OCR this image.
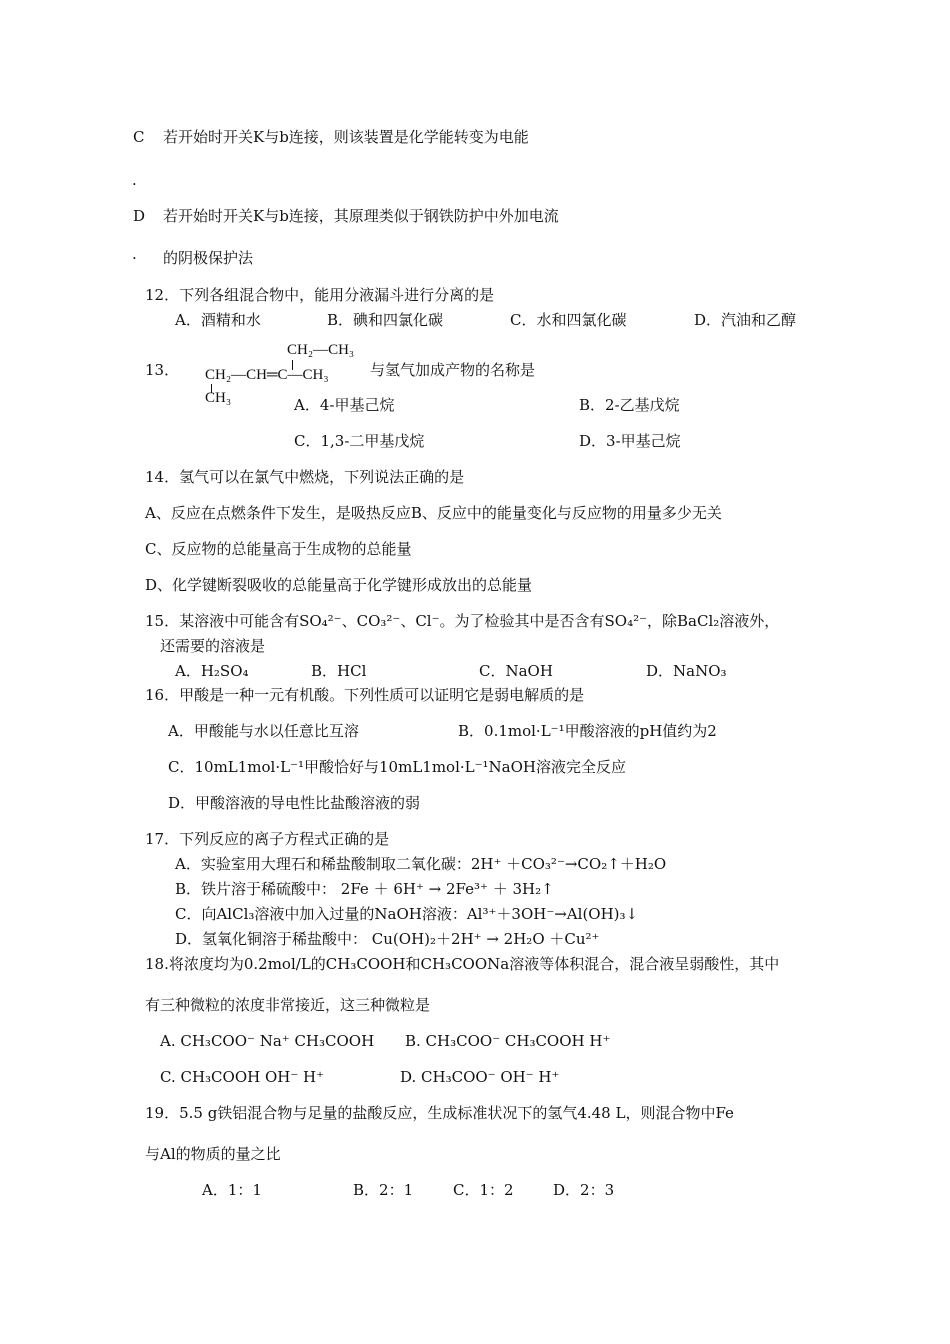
C 若开始时开关K与b连接，则该装置是化学能转变为电能
.
D 若开始时开关K与b连接，其原理类似于钢铁防护中外加电流
. 的阴极保护法
12．下列各组混合物中，能用分液漏斗进行分离的是
A．酒精和水	B．碘和四氯化碳	C．水和四氯化碳	D．汽油和乙醇
13．
CH₂—CH₃
CH₂—CH═C—CH₃
CH₃
与氢气加成产物的名称是
A．4-甲基己烷	B．2-乙基戊烷
C．1,3-二甲基戊烷	D．3-甲基己烷
14．氢气可以在氯气中燃烧，下列说法正确的是
A、反应在点燃条件下发生，是吸热反应B、反应中的能量变化与反应物的用量多少无关
C、反应物的总能量高于生成物的总能量
D、化学键断裂吸收的总能量高于化学键形成放出的总能量
15．某溶液中可能含有SO₄²⁻、CO₃²⁻、Cl⁻。为了检验其中是否含有SO₄²⁻，除BaCl₂溶液外，
还需要的溶液是
A．H₂SO₄	B．HCl	C．NaOH	D．NaNO₃
16．甲酸是一种一元有机酸。下列性质可以证明它是弱电解质的是
A．甲酸能与水以任意比互溶	B．0.1mol·L⁻¹甲酸溶液的pH值约为2
C．10mL1mol·L⁻¹甲酸恰好与10mL1mol·L⁻¹NaOH溶液完全反应
D．甲酸溶液的导电性比盐酸溶液的弱
17．下列反应的离子方程式正确的是
A．实验室用大理石和稀盐酸制取二氧化碳：2H⁺ ＋CO₃²⁻→CO₂↑＋H₂O
B．铁片溶于稀硫酸中： 2Fe ＋ 6H⁺ → 2Fe³⁺ ＋ 3H₂↑
C．向AlCl₃溶液中加入过量的NaOH溶液：Al³⁺＋3OH⁻→Al(OH)₃↓
D．氢氧化铜溶于稀盐酸中： Cu(OH)₂＋2H⁺ → 2H₂O ＋Cu²⁺
18.将浓度均为0.2mol/L的CH₃COOH和CH₃COONa溶液等体积混合，混合液呈弱酸性，其中
有三种微粒的浓度非常接近，这三种微粒是
A. CH₃COO⁻ Na⁺ CH₃COOH B. CH₃COO⁻ CH₃COOH H⁺
C. CH₃COOH OH⁻ H⁺	D. CH₃COO⁻ OH⁻ H⁺
19．5.5 g铁铝混合物与足量的盐酸反应，生成标准状况下的氢气4.48 L，则混合物中Fe
与Al的物质的量之比
A．1：1	B．2：1	C．1：2	D．2：3
